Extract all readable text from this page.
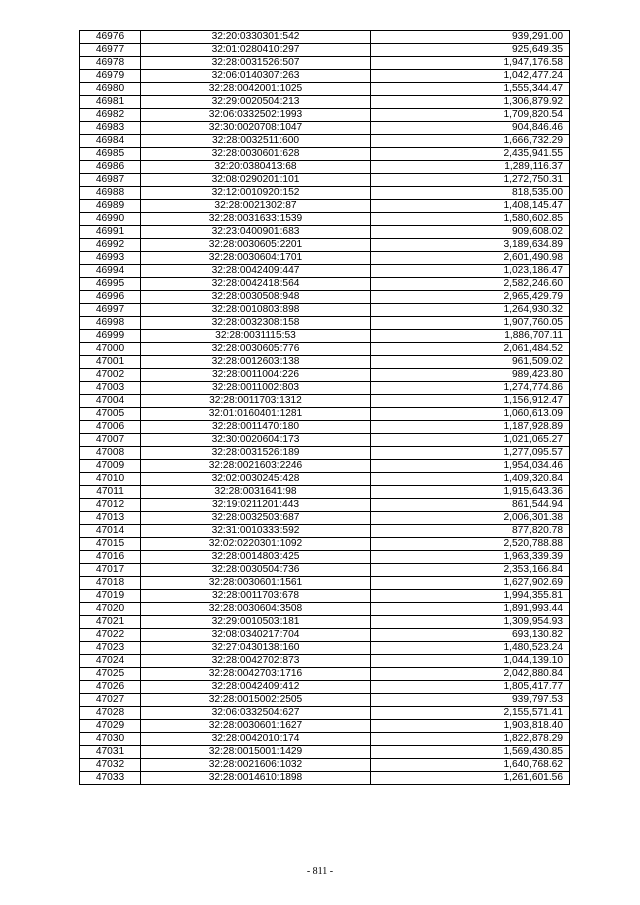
46976	32:20:0330301:542	939,291.00
46977	32:01:0280410:297	925,649.35
46978	32:28:0031526:507	1,947,176.58
46979	32:06:0140307:263	1,042,477.24
46980	32:28:0042001:1025	1,555,344.47
46981	32:29:0020504:213	1,306,879.92
46982	32:06:0332502:1993	1,709,820.54
46983	32:30:0020708:1047	904,846.46
46984	32:28:0032511:600	1,666,732.29
46985	32:28:0030601:628	2,435,941.55
46986	32:20:0380413:68	1,289,116.37
46987	32:08:0290201:101	1,272,750.31
46988	32:12:0010920:152	818,535.00
46989	32:28:0021302:87	1,408,145.47
46990	32:28:0031633:1539	1,580,602.85
46991	32:23:0400901:683	909,608.02
46992	32:28:0030605:2201	3,189,634.89
46993	32:28:0030604:1701	2,601,490.98
46994	32:28:0042409:447	1,023,186.47
46995	32:28:0042418:564	2,582,246.60
46996	32:28:0030508:948	2,965,429.79
46997	32:28:0010803:898	1,264,930.32
46998	32:28:0032308:158	1,907,760.05
46999	32:28:0031115:53	1,886,707.11
47000	32:28:0030605:776	2,061,484.52
47001	32:28:0012603:138	961,509.02
47002	32:28:0011004:226	989,423.80
47003	32:28:0011002:803	1,274,774.86
47004	32:28:0011703:1312	1,156,912.47
47005	32:01:0160401:1281	1,060,613.09
47006	32:28:0011470:180	1,187,928.89
47007	32:30:0020604:173	1,021,065.27
47008	32:28:0031526:189	1,277,095.57
47009	32:28:0021603:2246	1,954,034.46
47010	32:02:0030245:428	1,409,320.84
47011	32:28:0031641:98	1,915,643.36
47012	32:19:0211201:443	861,544.94
47013	32:28:0032503:687	2,006,301.38
47014	32:31:0010333:592	877,820.78
47015	32:02:0220301:1092	2,520,788.88
47016	32:28:0014803:425	1,963,339.39
47017	32:28:0030504:736	2,353,166.84
47018	32:28:0030601:1561	1,627,902.69
47019	32:28:0011703:678	1,994,355.81
47020	32:28:0030604:3508	1,891,993.44
47021	32:29:0010503:181	1,309,954.93
47022	32:08:0340217:704	693,130.82
47023	32:27:0430138:160	1,480,523.24
47024	32:28:0042702:873	1,044,139.10
47025	32:28:0042703:1716	2,042,880.84
47026	32:28:0042409:412	1,805,417.77
47027	32:28:0015002:2505	939,797.53
47028	32:06:0332504:627	2,155,571.41
47029	32:28:0030601:1627	1,903,818.40
47030	32:28:0042010:174	1,822,878.29
47031	32:28:0015001:1429	1,569,430.85
47032	32:28:0021606:1032	1,640,768.62
47033	32:28:0014610:1898	1,261,601.56
- 811 -
